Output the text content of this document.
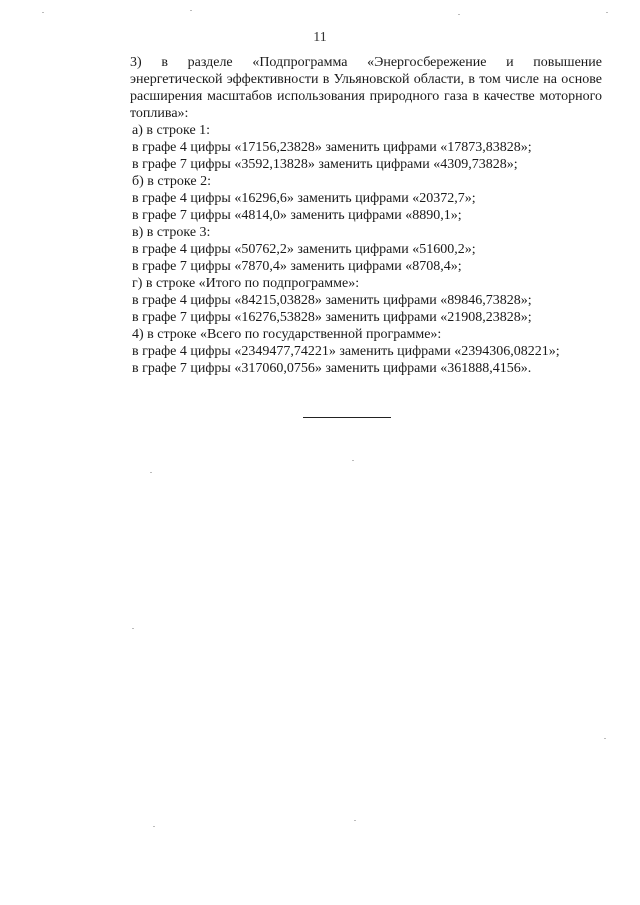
11
3) в разделе «Подпрограмма «Энергосбережение и повышение
энергетической эффективности в Ульяновской области, в том числе на основе
расширения масштабов использования природного газа в качестве моторного
топлива»:
а) в строке 1:
в графе 4 цифры «17156,23828» заменить цифрами «17873,83828»;
в графе 7 цифры «3592,13828» заменить цифрами «4309,73828»;
б) в строке 2:
в графе 4 цифры «16296,6» заменить цифрами «20372,7»;
в графе 7 цифры «4814,0» заменить цифрами «8890,1»;
в) в строке 3:
в графе 4 цифры «50762,2» заменить цифрами «51600,2»;
в графе 7 цифры «7870,4» заменить цифрами «8708,4»;
г) в строке «Итого по подпрограмме»:
в графе 4 цифры «84215,03828» заменить цифрами «89846,73828»;
в графе 7 цифры «16276,53828» заменить цифрами «21908,23828»;
4) в строке «Всего по государственной программе»:
в графе 4 цифры «2349477,74221» заменить цифрами «2394306,08221»;
в графе 7 цифры «317060,0756» заменить цифрами «361888,4156».
